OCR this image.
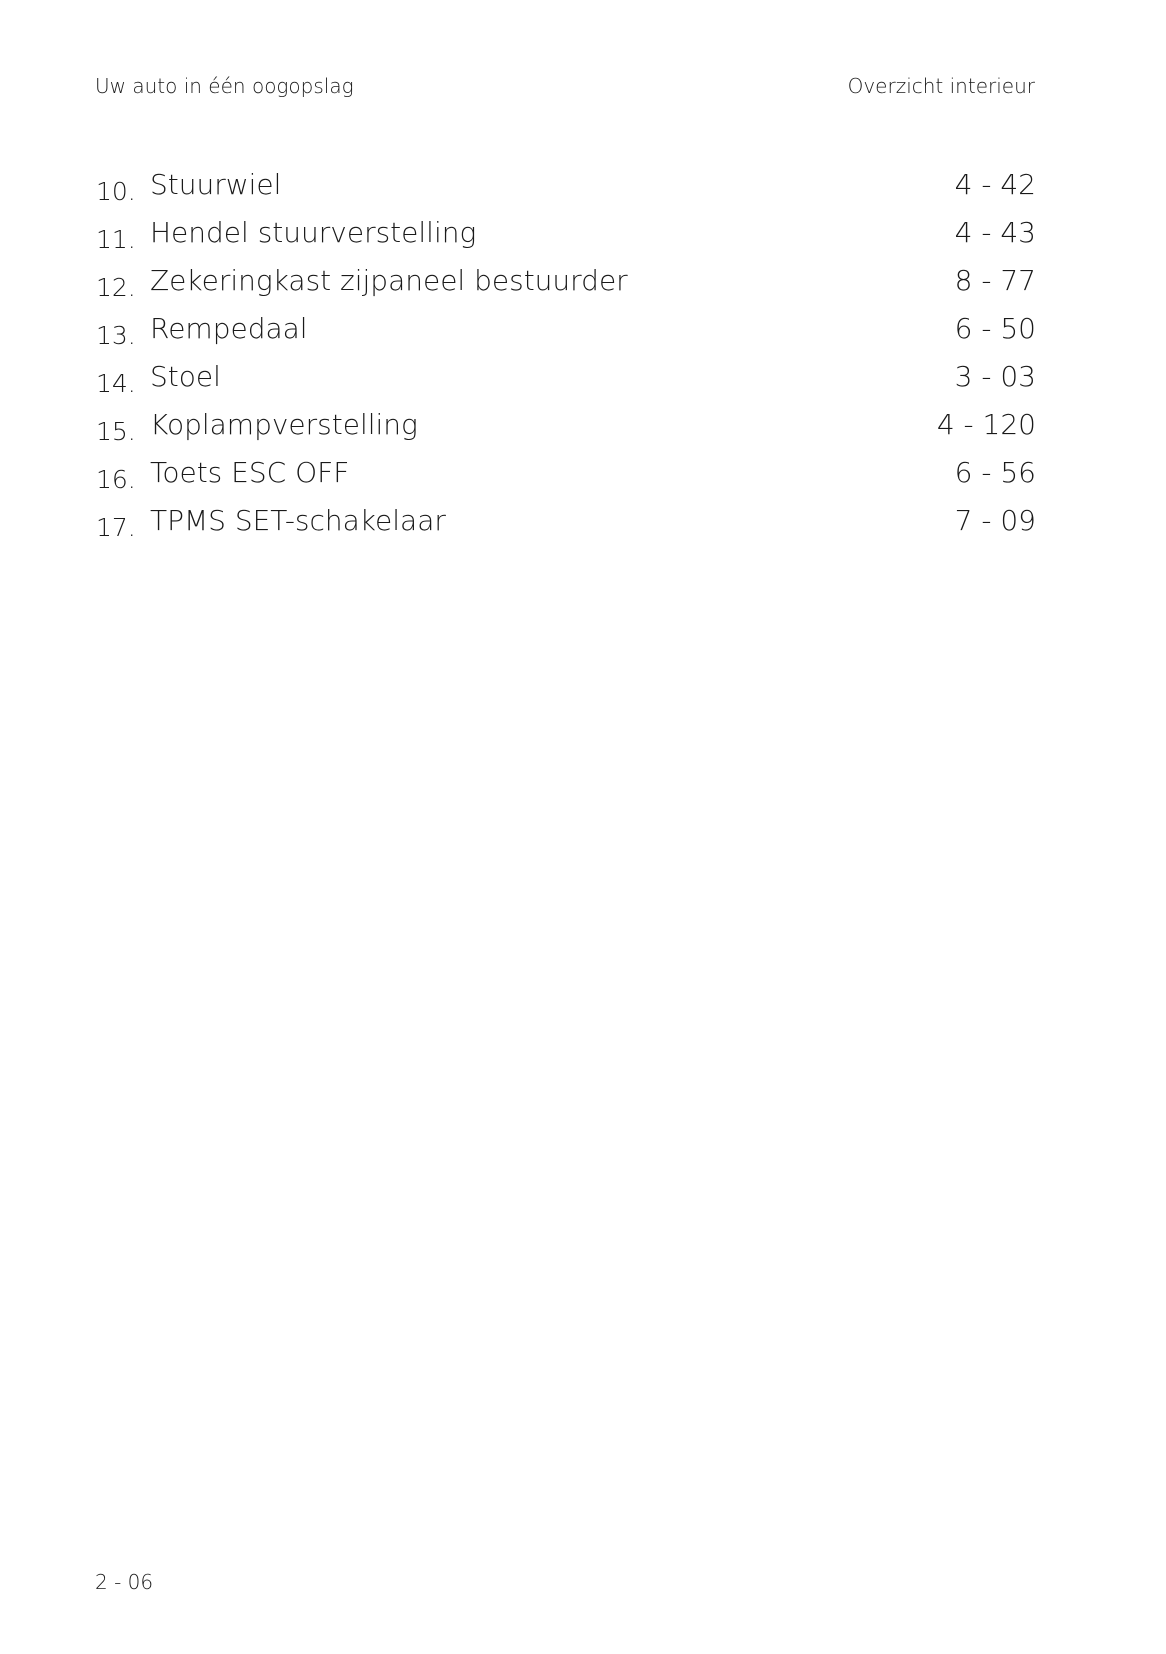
Uw auto in één oogopslag	Overzicht interieur
10. Stuurwiel	4 - 42
11. Hendel stuurverstelling	4 - 43
12. Zekeringkast zijpaneel bestuurder	8 - 77
13. Rempedaal	6 - 50
14. Stoel	3 - 03
15. Koplampverstelling	4 - 120
16. Toets ESC OFF	6 - 56
17. TPMS SET-schakelaar	7 - 09
2 - 06
